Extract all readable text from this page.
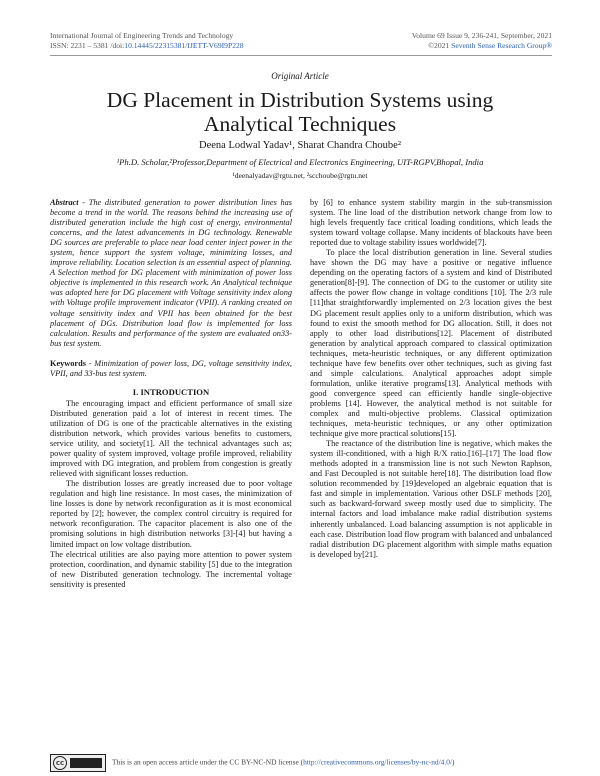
International Journal of Engineering Trends and Technology
ISSN: 2231 – 5381 /doi:10.14445/22315381/IJETT-V69I9P228
Volume 69 Issue 9, 236-241, September, 2021
©2021 Seventh Sense Research Group®
Original Article
DG Placement in Distribution Systems using Analytical Techniques
Deena Lodwal Yadav¹, Sharat Chandra Choube²
¹Ph.D. Scholar,²Professor,Department of Electrical and Electronics Engineering, UIT-RGPV,Bhopal, India
¹deenalyadav@rgtu.net, ²scchoube@rgtu.net

Abstract - The distributed generation to power distribution lines has become a trend in the world. The reasons behind the increasing use of distributed generation include the high cost of energy, environmental concerns, and the latest advancements in DG technology. Renewable DG sources are preferable to place near load center inject power in the system, hence support the system voltage, minimizing losses, and improve reliability. Location selection is an essential aspect of planning. A Selection method for DG placement with minimization of power loss objective is implemented in this research work. An Analytical technique was adopted here for DG placement with Voltage sensitivity index along with Voltage profile improvement indicator (VPII). A ranking created on voltage sensitivity index and VPII has been obtained for the best placement of DGs. Distribution load flow is implemented for loss calculation. Results and performance of the system are evaluated on33-bus test system.

Keywords - Minimization of power loss, DG, voltage sensitivity index, VPII, and 33-bus test system.

I. INTRODUCTION

The encouraging impact and efficient performance of small size Distributed generation paid a lot of interest in recent times. The utilization of DG is one of the practicable alternatives in the existing distribution network, which provides various benefits to customers, service utility, and society[1]. All the technical advantages such as; power quality of system improved, voltage profile improved, reliability improved with DG integration, and problem from congestion is greatly relieved with significant losses reduction.

The distribution losses are greatly increased due to poor voltage regulation and high line resistance. In most cases, the minimization of line losses is done by network reconfiguration as it is most economical reported by [2]; however, the complex control circuitry is required for network reconfiguration. The capacitor placement is also one of the promising solutions in high distribution networks [3]-[4] but having a limited impact on low voltage distribution.

The electrical utilities are also paying more attention to power system protection, coordination, and dynamic stability [5] due to the integration of new Distributed generation technology. The incremental voltage sensitivity is presented

by [6] to enhance system stability margin in the sub-transmission system. The line load of the distribution network change from low to high levels frequently face critical loading conditions, which leads the system toward voltage collapse. Many incidents of blackouts have been reported due to voltage stability issues worldwide[7].

To place the local distribution generation in line. Several studies have shown the DG may have a positive or negative influence depending on the operating factors of a system and kind of Distributed generation[8]-[9]. The connection of DG to the customer or utility site affects the power flow change in voltage conditions [10]. The 2/3 rule [11]that straightforwardly implemented on 2/3 location gives the best DG placement result applies only to a uniform distribution, which was found to exist the smooth method for DG allocation. Still, it does not apply to other load distributions[12]. Placement of distributed generation by analytical approach compared to classical optimization techniques, meta-heuristic techniques, or any different optimization technique have few benefits over other techniques, such as giving fast and simple calculations. Analytical approaches adopt simple formulation, unlike iterative programs[13]. Analytical methods with good convergence speed can efficiently handle single-objective problems [14]. However, the analytical method is not suitable for complex and multi-objective problems. Classical optimization techniques, meta-heuristic techniques, or any other optimization technique give more practical solutions[15].

The reactance of the distribution line is negative, which makes the system ill-conditioned, with a high R/X ratio.[16]–[17] The load flow methods adopted in a transmission line is not such Newton Raphson, and Fast Decoupled is not suitable here[18]. The distribution load flow solution recommended by [19]developed an algebraic equation that is fast and simple in implementation. Various other DSLF methods [20], such as backward-forward sweep mostly used due to simplicity. The internal factors and load imbalance make radial distribution systems inherently unbalanced. Load balancing assumption is not applicable in each case. Distribution load flow program with balanced and unbalanced radial distribution DG placement algorithm with simple maths equation is developed by[21].

cc	This is an open access article under the CC BY-NC-ND license (http://creativecommons.org/licenses/by-nc-nd/4.0/)
